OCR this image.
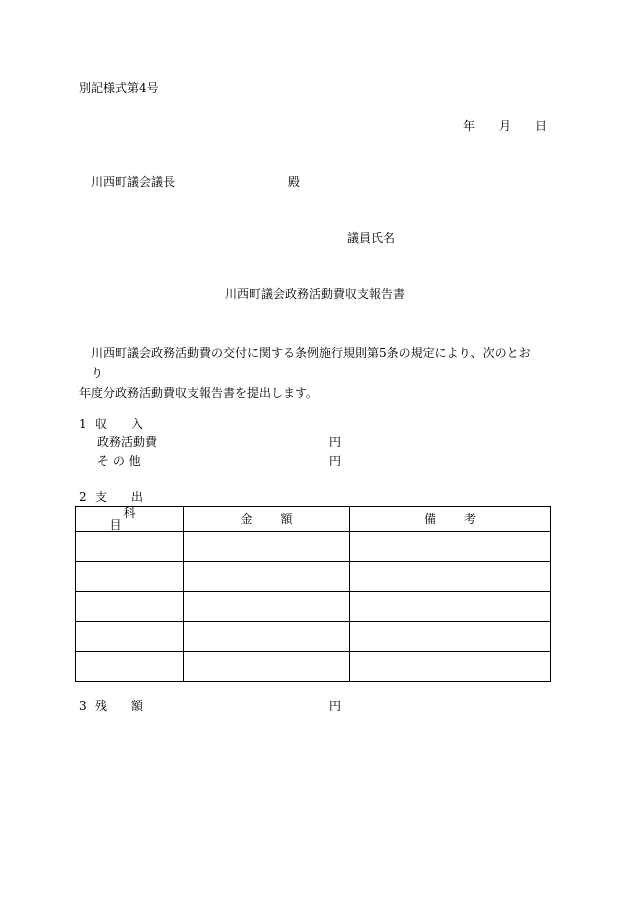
別記様式第4号
年 月 日
川西町議会議長	殿
議員氏名
川西町議会政務活動費収支報告書
川西町議会政務活動費の交付に関する条例施行規則第5条の規定により、次のとおり
年度分政務活動費収支報告書を提出します。
1 収入
政務活動費	円
そ の 他	円
2 支出
科目	金額	備考

3 残額	円
